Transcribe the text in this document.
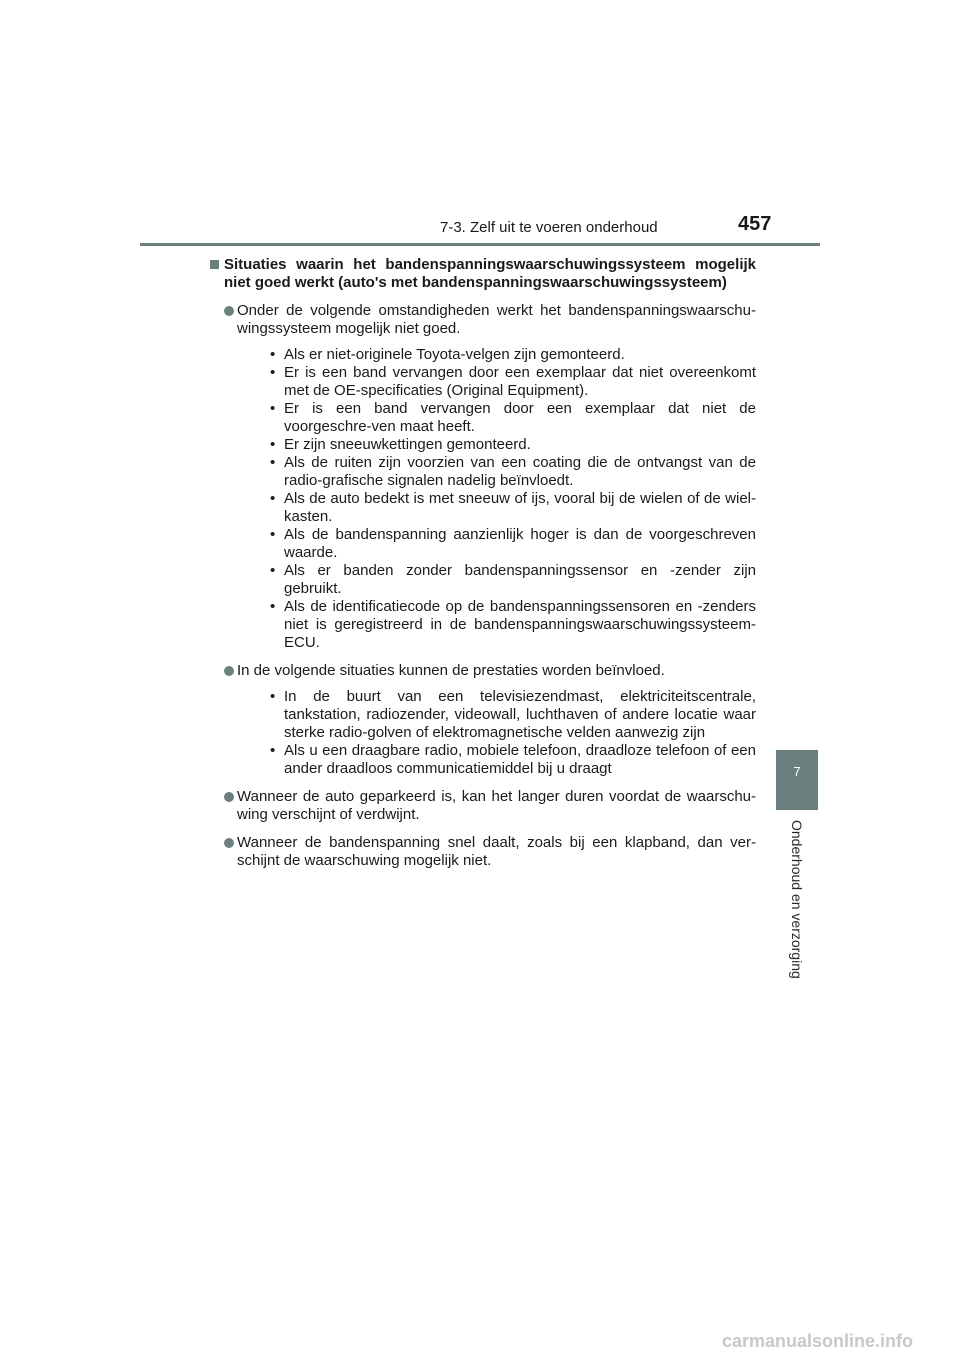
7-3. Zelf uit te voeren onderhoud	457
7
Onderhoud en verzorging
Situaties waarin het bandenspanningswaarschuwingssysteem mogelijk niet goed werkt (auto's met bandenspanningswaarschuwingssysteem)
Onder de volgende omstandigheden werkt het bandenspanningswaarschu-wingssysteem mogelijk niet goed.
• Als er niet-originele Toyota-velgen zijn gemonteerd.
• Er is een band vervangen door een exemplaar dat niet overeenkomt met de OE-specificaties (Original Equipment).
• Er is een band vervangen door een exemplaar dat niet de voorgeschre-ven maat heeft.
• Er zijn sneeuwkettingen gemonteerd.
• Als de ruiten zijn voorzien van een coating die de ontvangst van de radio-grafische signalen nadelig beïnvloedt.
• Als de auto bedekt is met sneeuw of ijs, vooral bij de wielen of de wiel-kasten.
• Als de bandenspanning aanzienlijk hoger is dan de voorgeschreven waarde.
• Als er banden zonder bandenspanningssensor en -zender zijn gebruikt.
• Als de identificatiecode op de bandenspanningssensoren en -zenders niet is geregistreerd in de bandenspanningswaarschuwingssysteem-ECU.
In de volgende situaties kunnen de prestaties worden beïnvloed.
• In de buurt van een televisiezendmast, elektriciteitscentrale, tankstation, radiozender, videowall, luchthaven of andere locatie waar sterke radio-golven of elektromagnetische velden aanwezig zijn
• Als u een draagbare radio, mobiele telefoon, draadloze telefoon of een ander draadloos communicatiemiddel bij u draagt
Wanneer de auto geparkeerd is, kan het langer duren voordat de waarschu-wing verschijnt of verdwijnt.
Wanneer de bandenspanning snel daalt, zoals bij een klapband, dan ver-schijnt de waarschuwing mogelijk niet.
carmanualsonline.info
